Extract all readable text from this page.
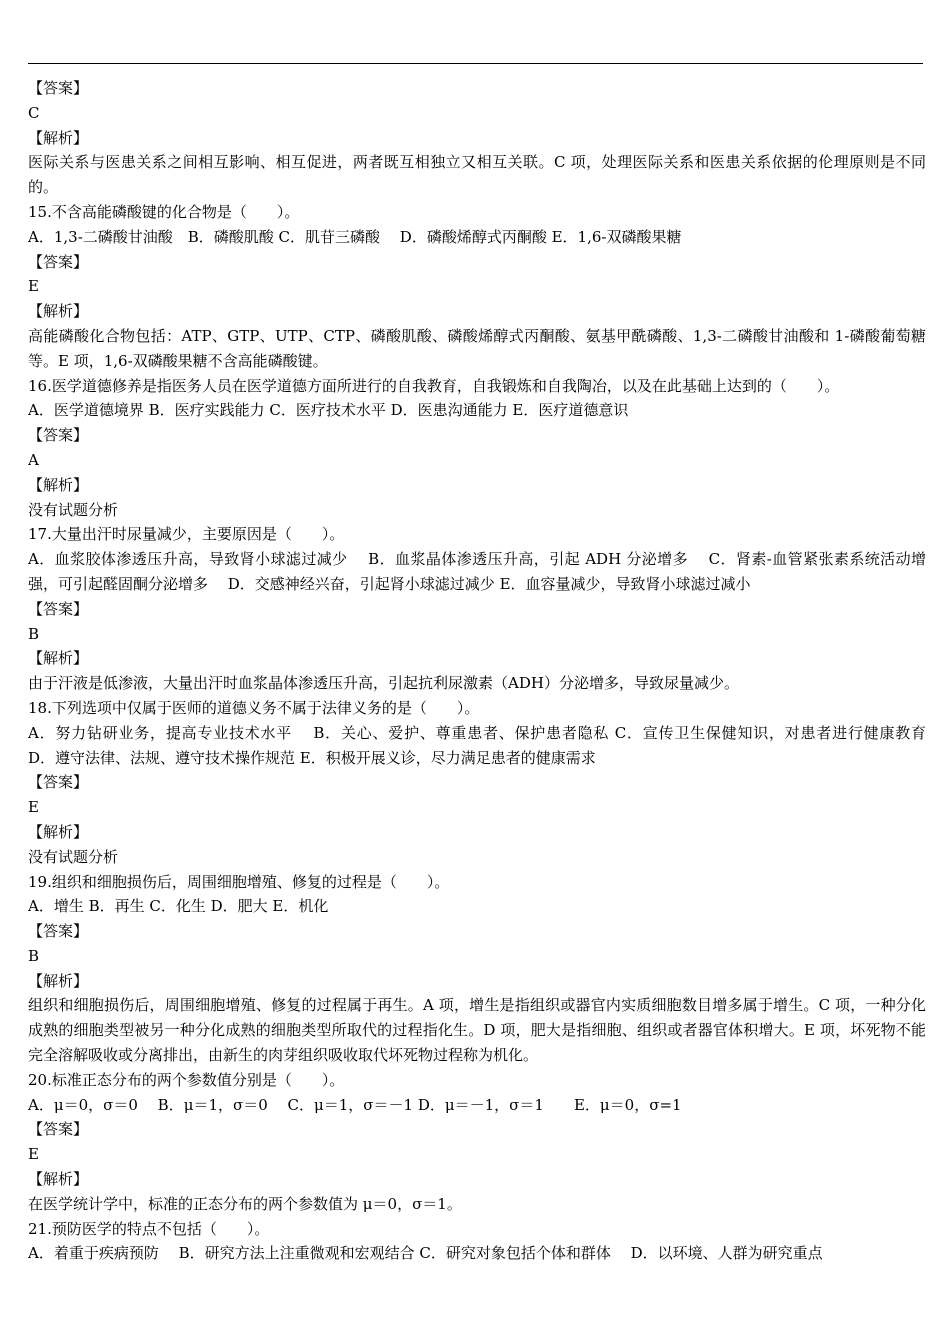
【答案】
C
【解析】
医际关系与医患关系之间相互影响、相互促进，两者既互相独立又相互关联。C 项，处理医际关系和医患关系依据的伦理原则是不同的。
15.不含高能磷酸键的化合物是（　　）。
A．1,3-二磷酸甘油酸　B．磷酸肌酸 C．肌苷三磷酸　 D．磷酸烯醇式丙酮酸 E．1,6-双磷酸果糖
【答案】
E
【解析】
高能磷酸化合物包括：ATP、GTP、UTP、CTP、磷酸肌酸、磷酸烯醇式丙酮酸、氨基甲酰磷酸、1,3-二磷酸甘油酸和 1-磷酸葡萄糖等。E 项，1,6-双磷酸果糖不含高能磷酸键。
16.医学道德修养是指医务人员在医学道德方面所进行的自我教育，自我锻炼和自我陶冶，以及在此基础上达到的（　　）。
A．医学道德境界 B．医疗实践能力 C．医疗技术水平 D．医患沟通能力 E．医疗道德意识
【答案】
A
【解析】
没有试题分析
17.大量出汗时尿量减少，主要原因是（　　）。
A．血浆胶体渗透压升高，导致肾小球滤过减少　 B．血浆晶体渗透压升高，引起 ADH 分泌增多　 C．肾素-血管紧张素系统活动增强，可引起醛固酮分泌增多　 D．交感神经兴奋，引起肾小球滤过减少 E．血容量减少，导致肾小球滤过减小
【答案】
B
【解析】
由于汗液是低渗液，大量出汗时血浆晶体渗透压升高，引起抗利尿激素（ADH）分泌增多，导致尿量减少。
18.下列选项中仅属于医师的道德义务不属于法律义务的是（　　）。
A．努力钻研业务，提高专业技术水平　 B．关心、爱护、尊重患者、保护患者隐私 C．宣传卫生保健知识，对患者进行健康教育　 D．遵守法律、法规、遵守技术操作规范 E．积极开展义诊，尽力满足患者的健康需求
【答案】
E
【解析】
没有试题分析
19.组织和细胞损伤后，周围细胞增殖、修复的过程是（　　）。
A．增生 B．再生 C．化生 D．肥大 E．机化
【答案】
B
【解析】
组织和细胞损伤后，周围细胞增殖、修复的过程属于再生。A 项，增生是指组织或器官内实质细胞数目增多属于增生。C 项，一种分化成熟的细胞类型被另一种分化成熟的细胞类型所取代的过程指化生。D 项，肥大是指细胞、组织或者器官体积增大。E 项，坏死物不能完全溶解吸收或分离排出，由新生的肉芽组织吸收取代坏死物过程称为机化。
20.标准正态分布的两个参数值分别是（　　）。
A．μ＝0，σ＝0　 B．μ＝1，σ＝0　 C．μ＝1，σ＝－1 D．μ＝－1，σ＝1　　E．μ＝0，σ=1
【答案】
E
【解析】
在医学统计学中，标准的正态分布的两个参数值为 μ＝0，σ＝1。
21.预防医学的特点不包括（　　）。
A．着重于疾病预防　 B．研究方法上注重微观和宏观结合 C．研究对象包括个体和群体　 D．以环境、人群为研究重点
